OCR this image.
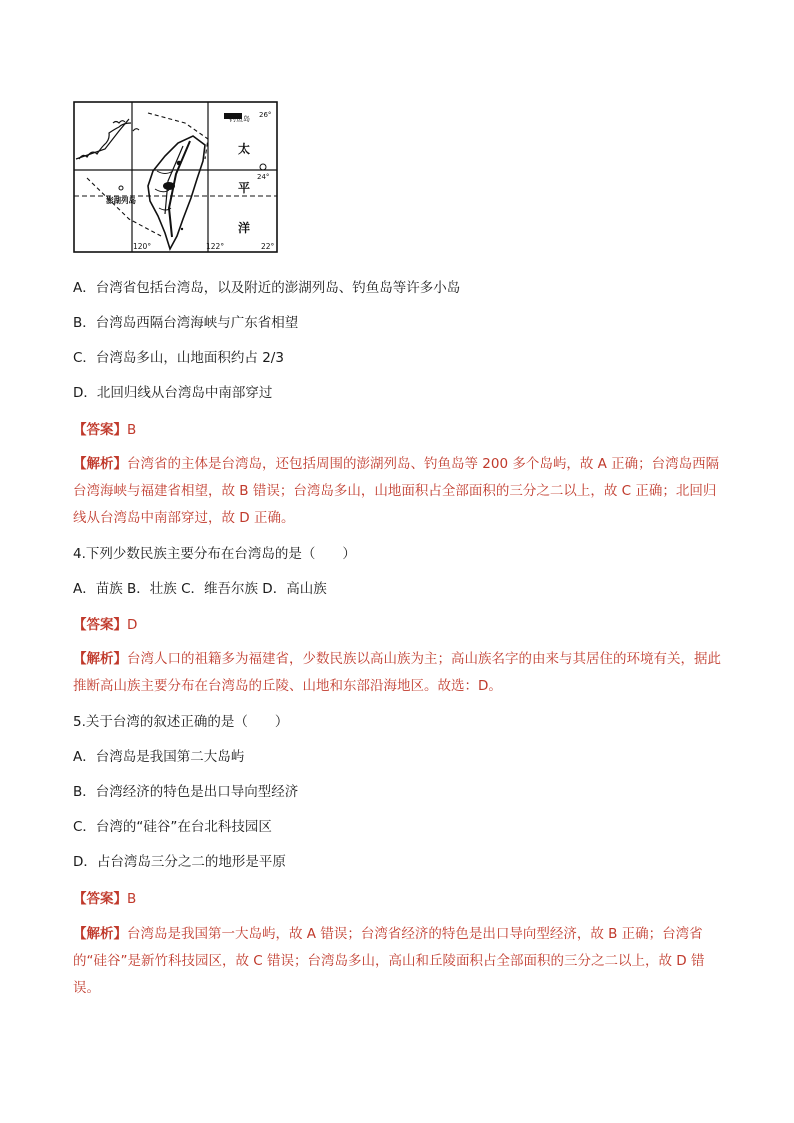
钓鱼岛 26°
澎湖列岛
太
平
洋
24°
120°	122°	22°
A．台湾省包括台湾岛，以及附近的澎湖列岛、钓鱼岛等许多小岛
B．台湾岛西隔台湾海峡与广东省相望
C．台湾岛多山，山地面积约占 2/3
D．北回归线从台湾岛中南部穿过
【答案】B
【解析】台湾省的主体是台湾岛，还包括周围的澎湖列岛、钓鱼岛等 200 多个岛屿，故 A 正确；台湾岛西隔台湾海峡与福建省相望，故 B 错误；台湾岛多山，山地面积占全部面积的三分之二以上，故 C 正确；北回归线从台湾岛中南部穿过，故 D 正确。
4.下列少数民族主要分布在台湾岛的是（　　）
A．苗族 B．壮族 C．维吾尔族 D．高山族
【答案】D
【解析】台湾人口的祖籍多为福建省，少数民族以高山族为主；高山族名字的由来与其居住的环境有关，据此推断高山族主要分布在台湾岛的丘陵、山地和东部沿海地区。故选：D。
5.关于台湾的叙述正确的是（　　）
A．台湾岛是我国第二大岛屿
B．台湾经济的特色是出口导向型经济
C．台湾的“硅谷”在台北科技园区
D．占台湾岛三分之二的地形是平原
【答案】B
【解析】台湾岛是我国第一大岛屿，故 A 错误；台湾省经济的特色是出口导向型经济，故 B 正确；台湾省的“硅谷”是新竹科技园区，故 C 错误；台湾岛多山，高山和丘陵面积占全部面积的三分之二以上，故 D 错误。
